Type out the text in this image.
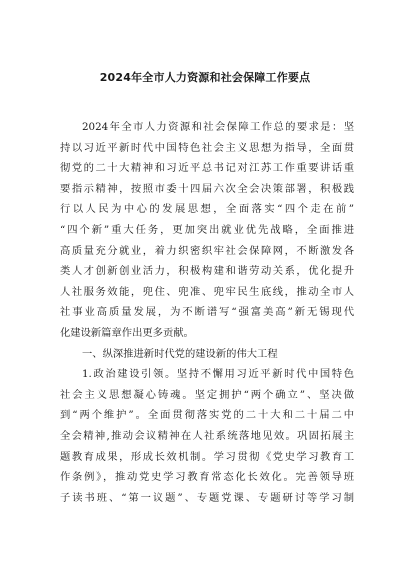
2024年全市人力资源和社会保障工作要点
2024年全市人力资源和社会保障工作总的要求是：坚
持以习近平新时代中国特色社会主义思想为指导，全面贯
彻党的二十大精神和习近平总书记对江苏工作重要讲话重
要指示精神，按照市委十四届六次全会决策部署，积极践
行以人民为中心的发展思想，全面落实“四个走在前”
“四个新”重大任务，更加突出就业优先战略，全面推进
高质量充分就业，着力织密织牢社会保障网，不断激发各
类人才创新创业活力，积极构建和谐劳动关系，优化提升
人社服务效能，兜住、兜准、兜牢民生底线，推动全市人
社事业高质量发展，为不断谱写“强富美高”新无锡现代
化建设新篇章作出更多贡献。
一、纵深推进新时代党的建设新的伟大工程
1.政治建设引领。坚持不懈用习近平新时代中国特色
社会主义思想凝心铸魂。坚定拥护“两个确立”、坚决做
到“两个维护”。全面贯彻落实党的二十大和二十届二中
全会精神,推动会议精神在人社系统落地见效。巩固拓展主
题教育成果，形成长效机制。学习贯彻《党史学习教育工
作条例》，推动党史学习教育常态化长效化。完善领导班
子读书班、“第一议题”、专题党课、专题研讨等学习制
